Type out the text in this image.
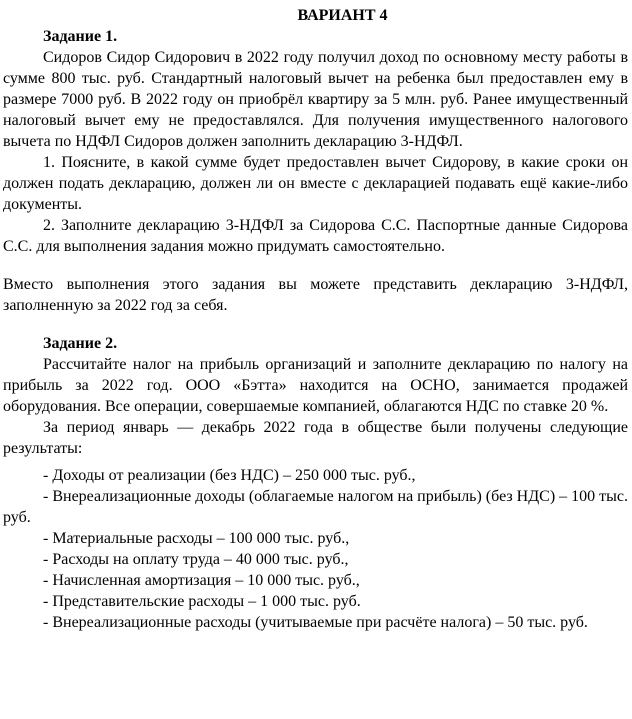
ВАРИАНТ 4

Задание 1.

Сидоров Сидор Сидорович в 2022 году получил доход по основному месту работы в сумме 800 тыс. руб. Стандартный налоговый вычет на ребенка был предоставлен ему в размере 7000 руб. В 2022 году он приобрёл квартиру за 5 млн. руб. Ранее имущественный налоговый вычет ему не предоставлялся. Для получения имущественного налогового вычета по НДФЛ Сидоров должен заполнить декларацию 3-НДФЛ.

1. Поясните, в какой сумме будет предоставлен вычет Сидорову, в какие сроки он должен подать декларацию, должен ли он вместе с декларацией подавать ещё какие-либо документы.

2. Заполните декларацию 3-НДФЛ за Сидорова С.С. Паспортные данные Сидорова С.С. для выполнения задания можно придумать самостоятельно.

Вместо выполнения этого задания вы можете представить декларацию 3-НДФЛ, заполненную за 2022 год за себя.

Задание 2.

Рассчитайте налог на прибыль организаций и заполните декларацию по налогу на прибыль за 2022 год. ООО «Бэтта» находится на ОСНО, занимается продажей оборудования. Все операции, совершаемые компанией, облагаются НДС по ставке 20 %.

За период январь — декабрь 2022 года в обществе были получены следующие результаты:

- Доходы от реализации (без НДС) – 250 000 тыс. руб.,

- Внереализационные доходы (облагаемые налогом на прибыль) (без НДС) – 100 тыс. руб.

- Материальные расходы – 100 000 тыс. руб.,

- Расходы на оплату труда – 40 000 тыс. руб.,

- Начисленная амортизация – 10 000 тыс. руб.,

- Представительские расходы – 1 000 тыс. руб.

- Внереализационные расходы (учитываемые при расчёте налога) – 50 тыс. руб.
